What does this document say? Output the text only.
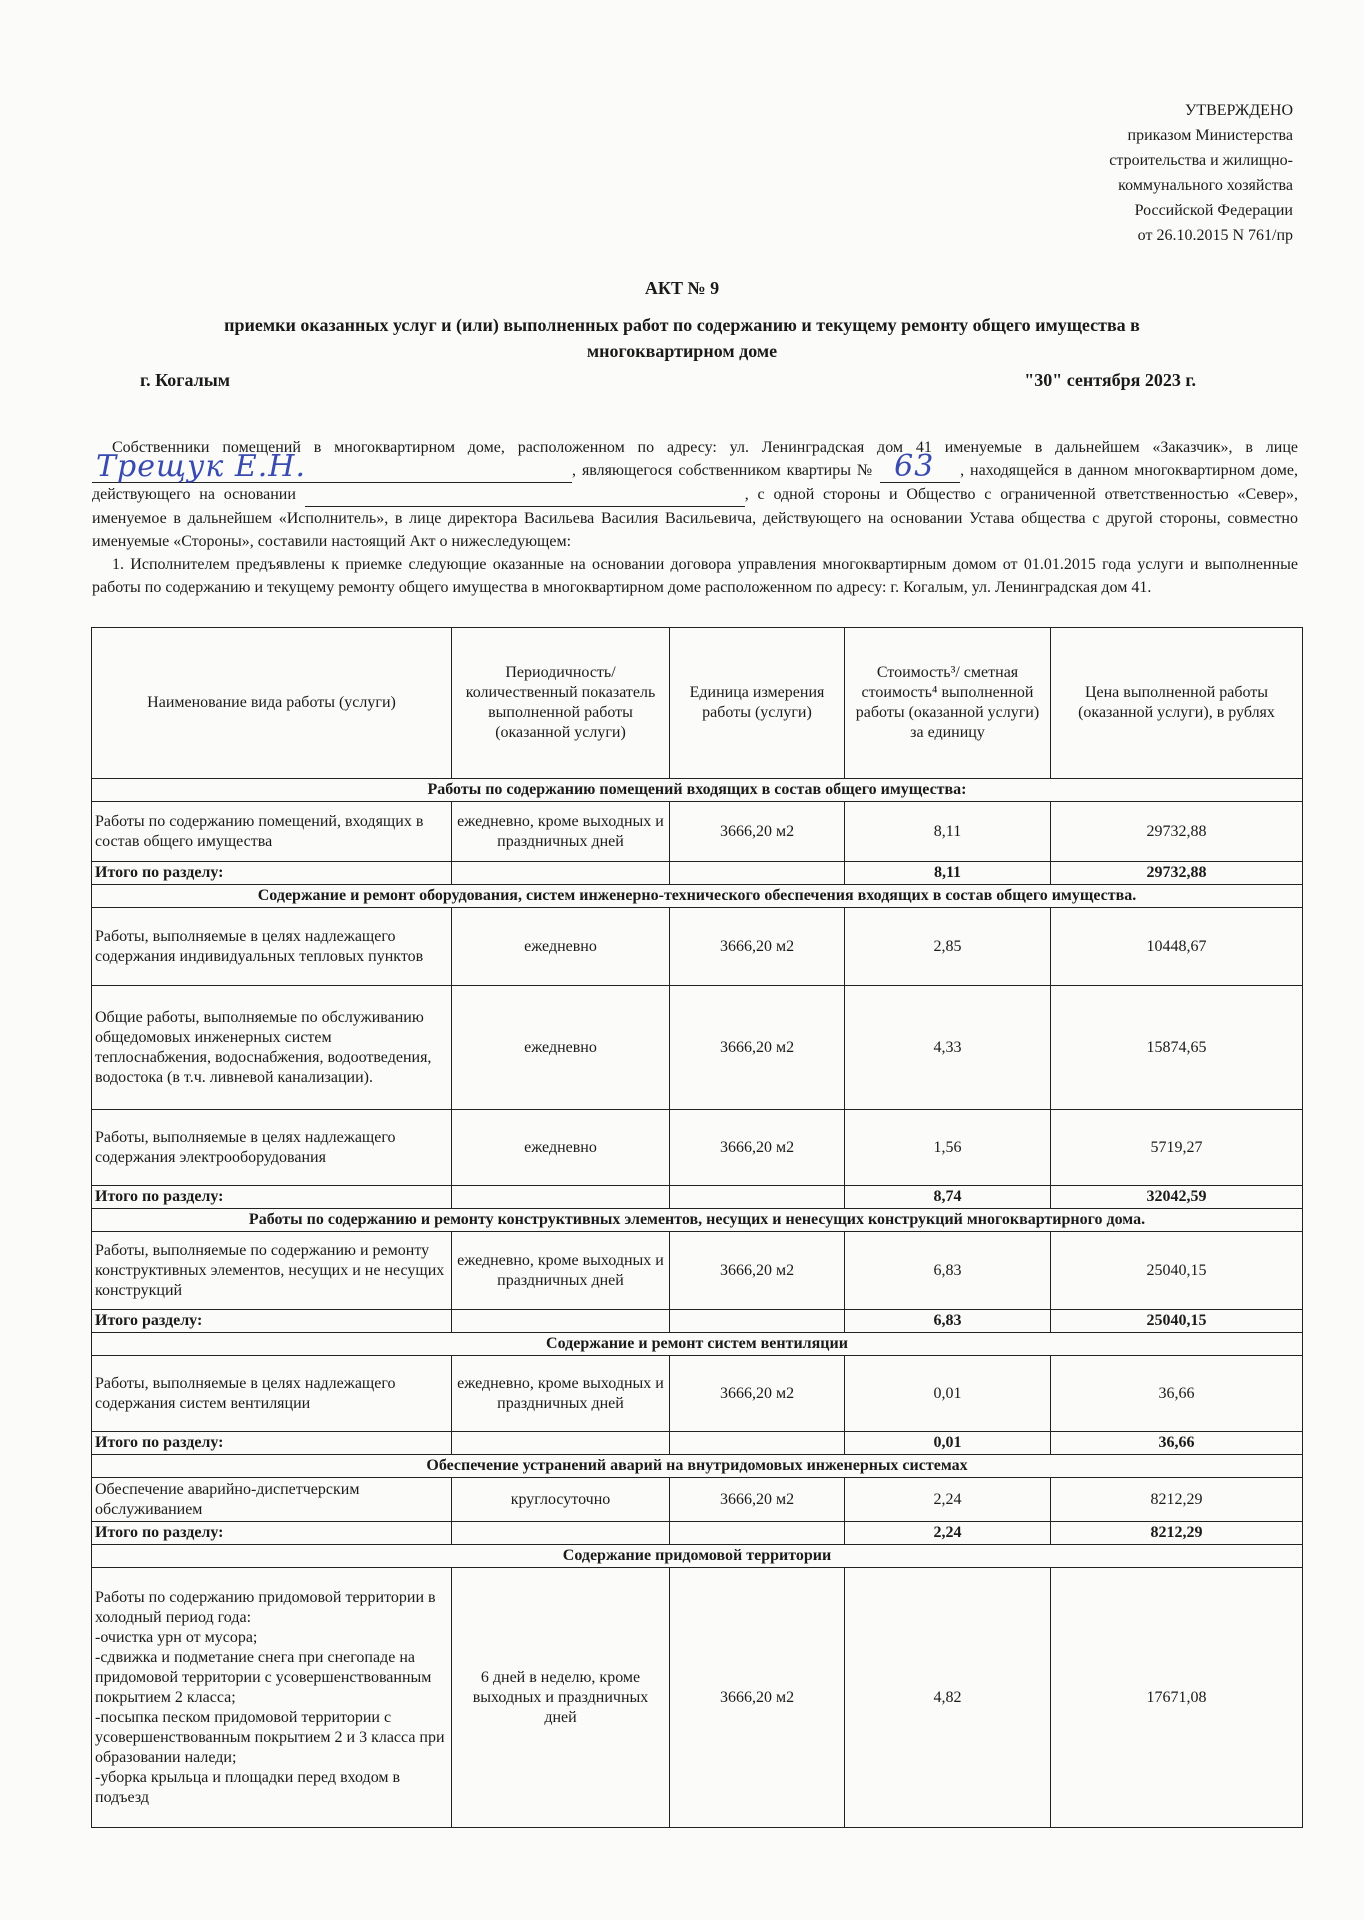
УТВЕРЖДЕНО
приказом Министерства
строительства и жилищно-
коммунального хозяйства
Российской Федерации
от 26.10.2015 N 761/пр
АКТ № 9
приемки оказанных услуг и (или) выполненных работ по содержанию и текущему ремонту общего имущества в многоквартирном доме
г. Когалым	"30" сентября 2023 г.

Собственники помещений в многоквартирном доме, расположенном по адресу: ул. Ленинградская дом 41 именуемые в дальнейшем «Заказчик», в лице
Трещук Е.Н.	, являющегося собственником квартиры № 63 , находящейся в данном многоквартирном доме, действующего на основании	, с одной стороны и Общество с ограниченной ответственностью «Север», именуемое в дальнейшем «Исполнитель», в лице директора Васильева Василия Васильевича, действующего на основании Устава общества с другой стороны, совместно именуемые «Стороны», составили настоящий Акт о нижеследующем:

1. Исполнителем предъявлены к приемке следующие оказанные на основании договора управления многоквартирным домом от 01.01.2015 года услуги и выполненные работы по содержанию и текущему ремонту общего имущества в многоквартирном доме расположенном по адресу: г. Когалым, ул. Ленинградская дом 41.

Наименование вида работы (услуги)	Периодичность/ количественный показатель выполненной работы (оказанной услуги)	Единица измерения работы (услуги)	Стоимость³/ сметная стоимость⁴ выполненной работы (оказанной услуги) за единицу	Цена выполненной работы (оказанной услуги), в рублях
Работы по содержанию помещений входящих в состав общего имущества:				
Работы по содержанию помещений, входящих в состав общего имущества	ежедневно, кроме выходных и праздничных дней	3666,20 м2	8,11	29732,88
Итого по разделу:			8,11	29732,88
Содержание и ремонт оборудования, систем инженерно-технического обеспечения входящих в состав общего имущества.				
Работы, выполняемые в целях надлежащего содержания индивидуальных тепловых пунктов	ежедневно	3666,20 м2	2,85	10448,67
Общие работы, выполняемые по обслуживанию общедомовых инженерных систем теплоснабжения, водоснабжения, водоотведения, водостока (в т.ч. ливневой канализации).	ежедневно	3666,20 м2	4,33	15874,65
Работы, выполняемые в целях надлежащего содержания электрооборудования	ежедневно	3666,20 м2	1,56	5719,27
Итого по разделу:			8,74	32042,59
Работы по содержанию и ремонту конструктивных элементов, несущих и ненесущих конструкций многоквартирного дома.				
Работы, выполняемые по содержанию и ремонту конструктивных элементов, несущих и не несущих конструкций	ежедневно, кроме выходных и праздничных дней	3666,20 м2	6,83	25040,15
Итого разделу:			6,83	25040,15
Содержание и ремонт систем вентиляции				
Работы, выполняемые в целях надлежащего содержания систем вентиляции	ежедневно, кроме выходных и праздничных дней	3666,20 м2	0,01	36,66
Итого по разделу:			0,01	36,66
Обеспечение устранений аварий на внутридомовых инженерных системах				
Обеспечение аварийно-диспетчерским обслуживанием	круглосуточно	3666,20 м2	2,24	8212,29
Итого по разделу:			2,24	8212,29
Содержание придомовой территории				

Работы по содержанию придомовой территории в холодный период года:
-очистка урн от мусора;
-сдвижка и подметание снега при снегопаде на придомовой территории с усовершенствованным покрытием 2 класса;
-посыпка песком придомовой территории с усовершенствованным покрытием 2 и 3 класса при образовании наледи;
-уборка крыльца и площадки перед входом в подъезд	6 дней в неделю, кроме выходных и праздничных дней	3666,20 м2	4,82	17671,08
